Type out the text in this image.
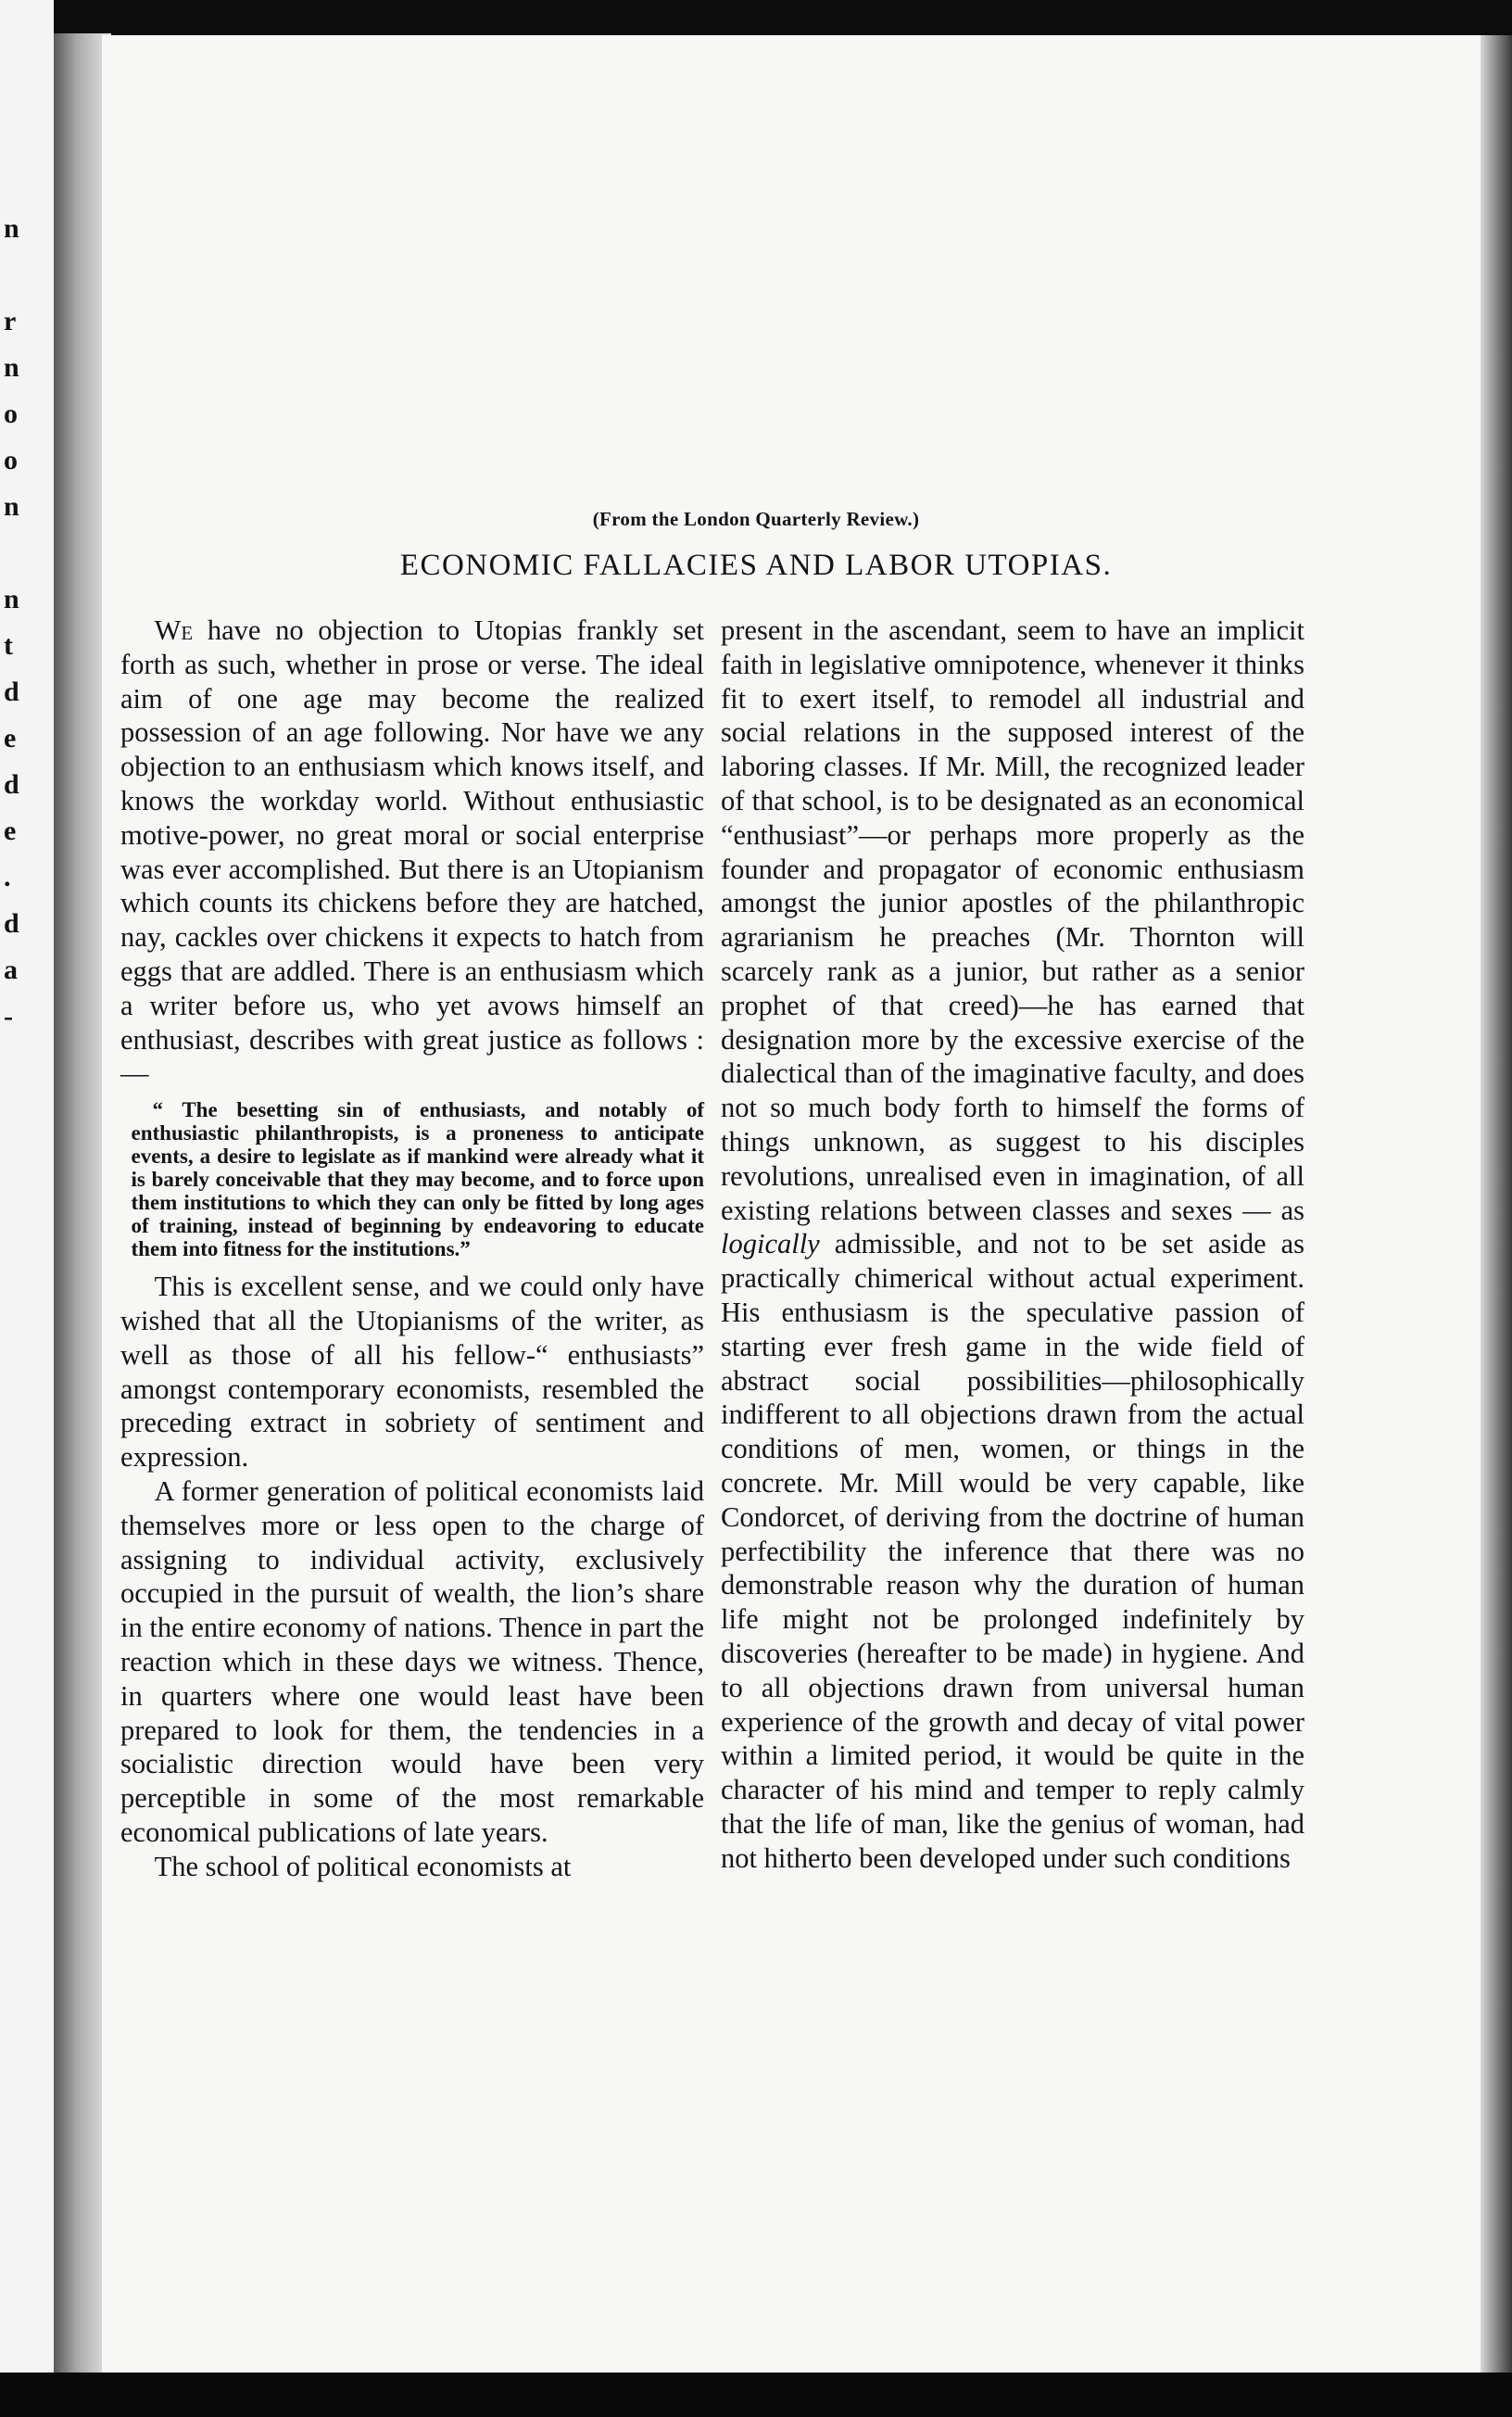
n
r
n
o
o
n
n
t
d
e
d
e
.
d
a
-
(From the London Quarterly Review.)
ECONOMIC FALLACIES AND LABOR UTOPIAS.

We have no objection to Utopias frankly set forth as such, whether in prose or verse. The ideal aim of one age may become the realized possession of an age following. Nor have we any objection to an enthusiasm which knows itself, and knows the workday world. Without enthusiastic motive-power, no great moral or social enterprise was ever accomplished. But there is an Utopianism which counts its chickens before they are hatched, nay, cackles over chickens it expects to hatch from eggs that are addled. There is an enthusiasm which a writer before us, who yet avows himself an enthusiast, describes with great justice as follows :—

“ The besetting sin of enthusiasts, and notably of enthusiastic philanthropists, is a proneness to anticipate events, a desire to legislate as if mankind were already what it is barely conceivable that they may become, and to force upon them institutions to which they can only be fitted by long ages of training, instead of beginning by endeavoring to educate them into fitness for the institutions.”

This is excellent sense, and we could only have wished that all the Utopianisms of the writer, as well as those of all his fellow-“ enthusiasts” amongst contemporary economists, resembled the preceding extract in sobriety of sentiment and expression.

A former generation of political economists laid themselves more or less open to the charge of assigning to individual activity, exclusively occupied in the pursuit of wealth, the lion’s share in the entire economy of nations. Thence in part the reaction which in these days we witness. Thence, in quarters where one would least have been prepared to look for them, the tendencies in a socialistic direction would have been very perceptible in some of the most remarkable economical publications of late years.

The school of political economists at

present in the ascendant, seem to have an implicit faith in legislative omnipotence, whenever it thinks fit to exert itself, to remodel all industrial and social relations in the supposed interest of the laboring classes. If Mr. Mill, the recognized leader of that school, is to be designated as an economical “enthusiast”—or perhaps more properly as the founder and propagator of economic enthusiasm amongst the junior apostles of the philanthropic agrarianism he preaches (Mr. Thornton will scarcely rank as a junior, but rather as a senior prophet of that creed)—he has earned that designation more by the excessive exercise of the dialectical than of the imaginative faculty, and does not so much body forth to himself the forms of things unknown, as suggest to his disciples revolutions, unrealised even in imagination, of all existing relations between classes and sexes — as logically admissible, and not to be set aside as practically chimerical without actual experiment. His enthusiasm is the speculative passion of starting ever fresh game in the wide field of abstract social possibilities—philosophically indifferent to all objections drawn from the actual conditions of men, women, or things in the concrete. Mr. Mill would be very capable, like Condorcet, of deriving from the doctrine of human perfectibility the inference that there was no demonstrable reason why the duration of human life might not be prolonged indefinitely by discoveries (hereafter to be made) in hygiene. And to all objections drawn from universal human experience of the growth and decay of vital power within a limited period, it would be quite in the character of his mind and temper to reply calmly that the life of man, like the genius of woman, had not hitherto been developed under such conditions
